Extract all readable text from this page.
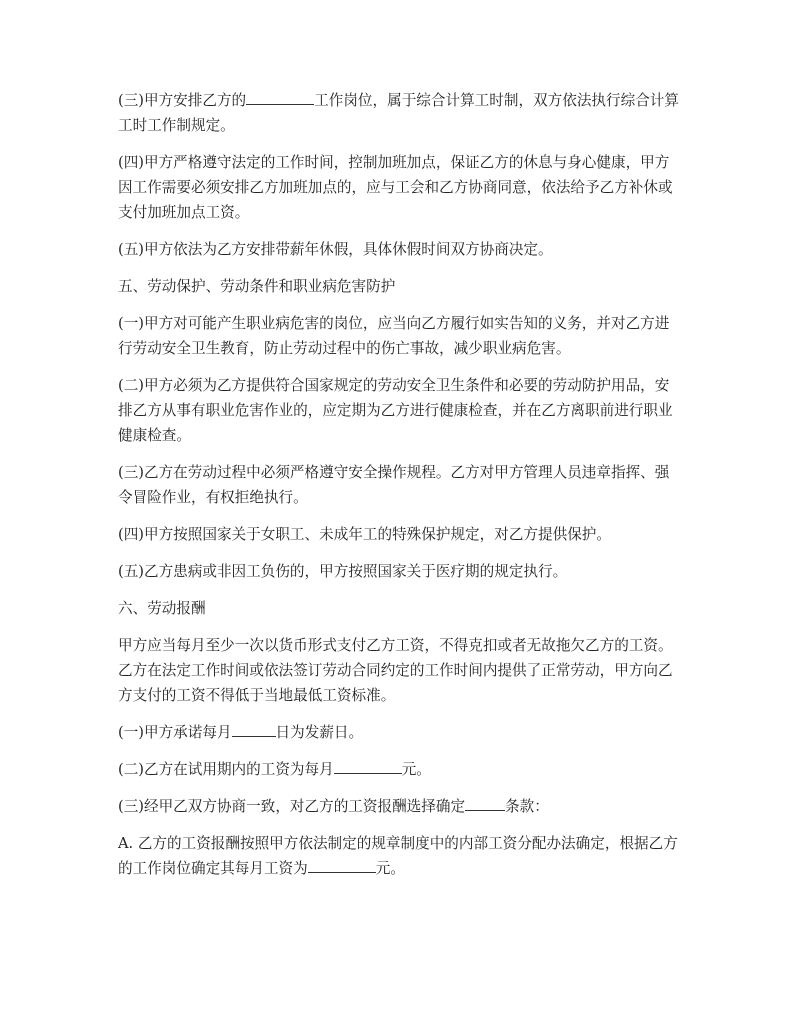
(三)甲方安排乙方的	工作岗位，属于综合计算工时制，双方依法执行综合计算工时工作制规定。

(四)甲方严格遵守法定的工作时间，控制加班加点，保证乙方的休息与身心健康，甲方因工作需要必须安排乙方加班加点的，应与工会和乙方协商同意，依法给予乙方补休或支付加班加点工资。

(五)甲方依法为乙方安排带薪年休假，具体休假时间双方协商决定。

五、劳动保护、劳动条件和职业病危害防护

(一)甲方对可能产生职业病危害的岗位，应当向乙方履行如实告知的义务，并对乙方进行劳动安全卫生教育，防止劳动过程中的伤亡事故，减少职业病危害。

(二)甲方必须为乙方提供符合国家规定的劳动安全卫生条件和必要的劳动防护用品，安排乙方从事有职业危害作业的，应定期为乙方进行健康检查，并在乙方离职前进行职业健康检查。

(三)乙方在劳动过程中必须严格遵守安全操作规程。乙方对甲方管理人员违章指挥、强令冒险作业，有权拒绝执行。

(四)甲方按照国家关于女职工、未成年工的特殊保护规定，对乙方提供保护。

(五)乙方患病或非因工负伤的，甲方按照国家关于医疗期的规定执行。

六、劳动报酬

甲方应当每月至少一次以货币形式支付乙方工资，不得克扣或者无故拖欠乙方的工资。乙方在法定工作时间或依法签订劳动合同约定的工作时间内提供了正常劳动，甲方向乙方支付的工资不得低于当地最低工资标准。

(一)甲方承诺每月	日为发薪日。

(二)乙方在试用期内的工资为每月	元。

(三)经甲乙双方协商一致，对乙方的工资报酬选择确定	条款：

A. 乙方的工资报酬按照甲方依法制定的规章制度中的内部工资分配办法确定，根据乙方的工作岗位确定其每月工资为	元。
